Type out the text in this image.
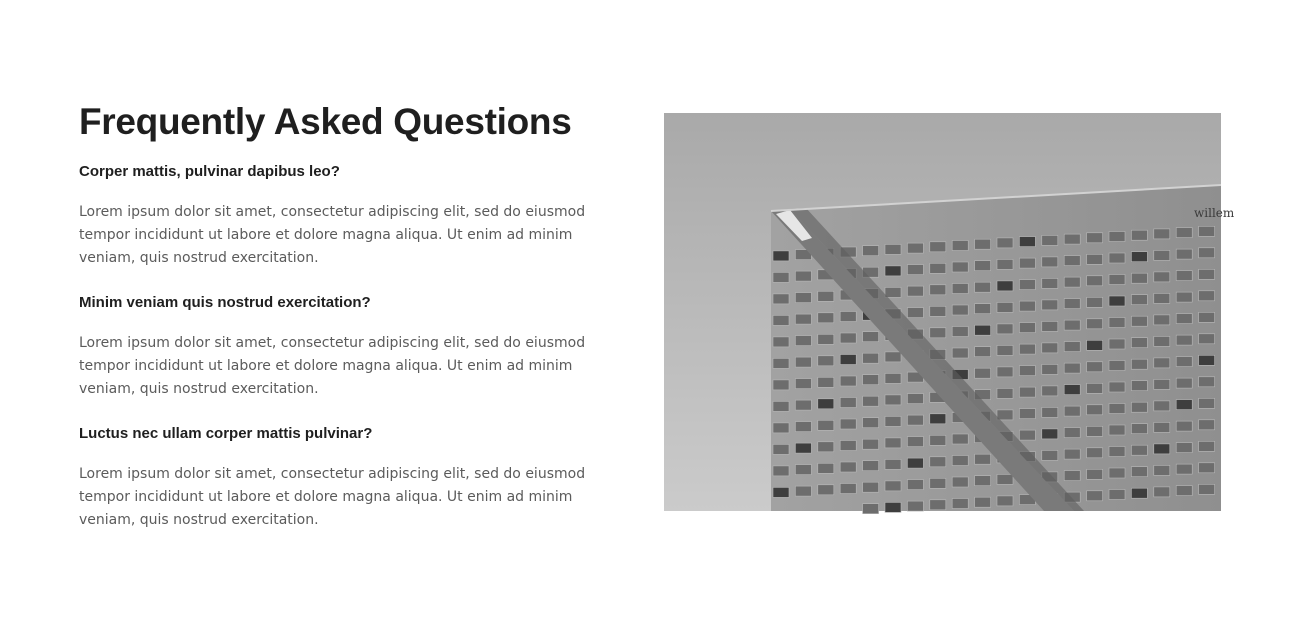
Frequently Asked Questions

Corper mattis, pulvinar dapibus leo?

Lorem ipsum dolor sit amet, consectetur adipiscing elit, sed do eiusmod tempor incididunt ut labore et dolore magna aliqua. Ut enim ad minim veniam, quis nostrud exercitation.

Minim veniam quis nostrud exercitation?

Lorem ipsum dolor sit amet, consectetur adipiscing elit, sed do eiusmod tempor incididunt ut labore et dolore magna aliqua. Ut enim ad minim veniam, quis nostrud exercitation.

Luctus nec ullam corper mattis pulvinar?

Lorem ipsum dolor sit amet, consectetur adipiscing elit, sed do eiusmod tempor incididunt ut labore et dolore magna aliqua. Ut enim ad minim veniam, quis nostrud exercitation.

willem
